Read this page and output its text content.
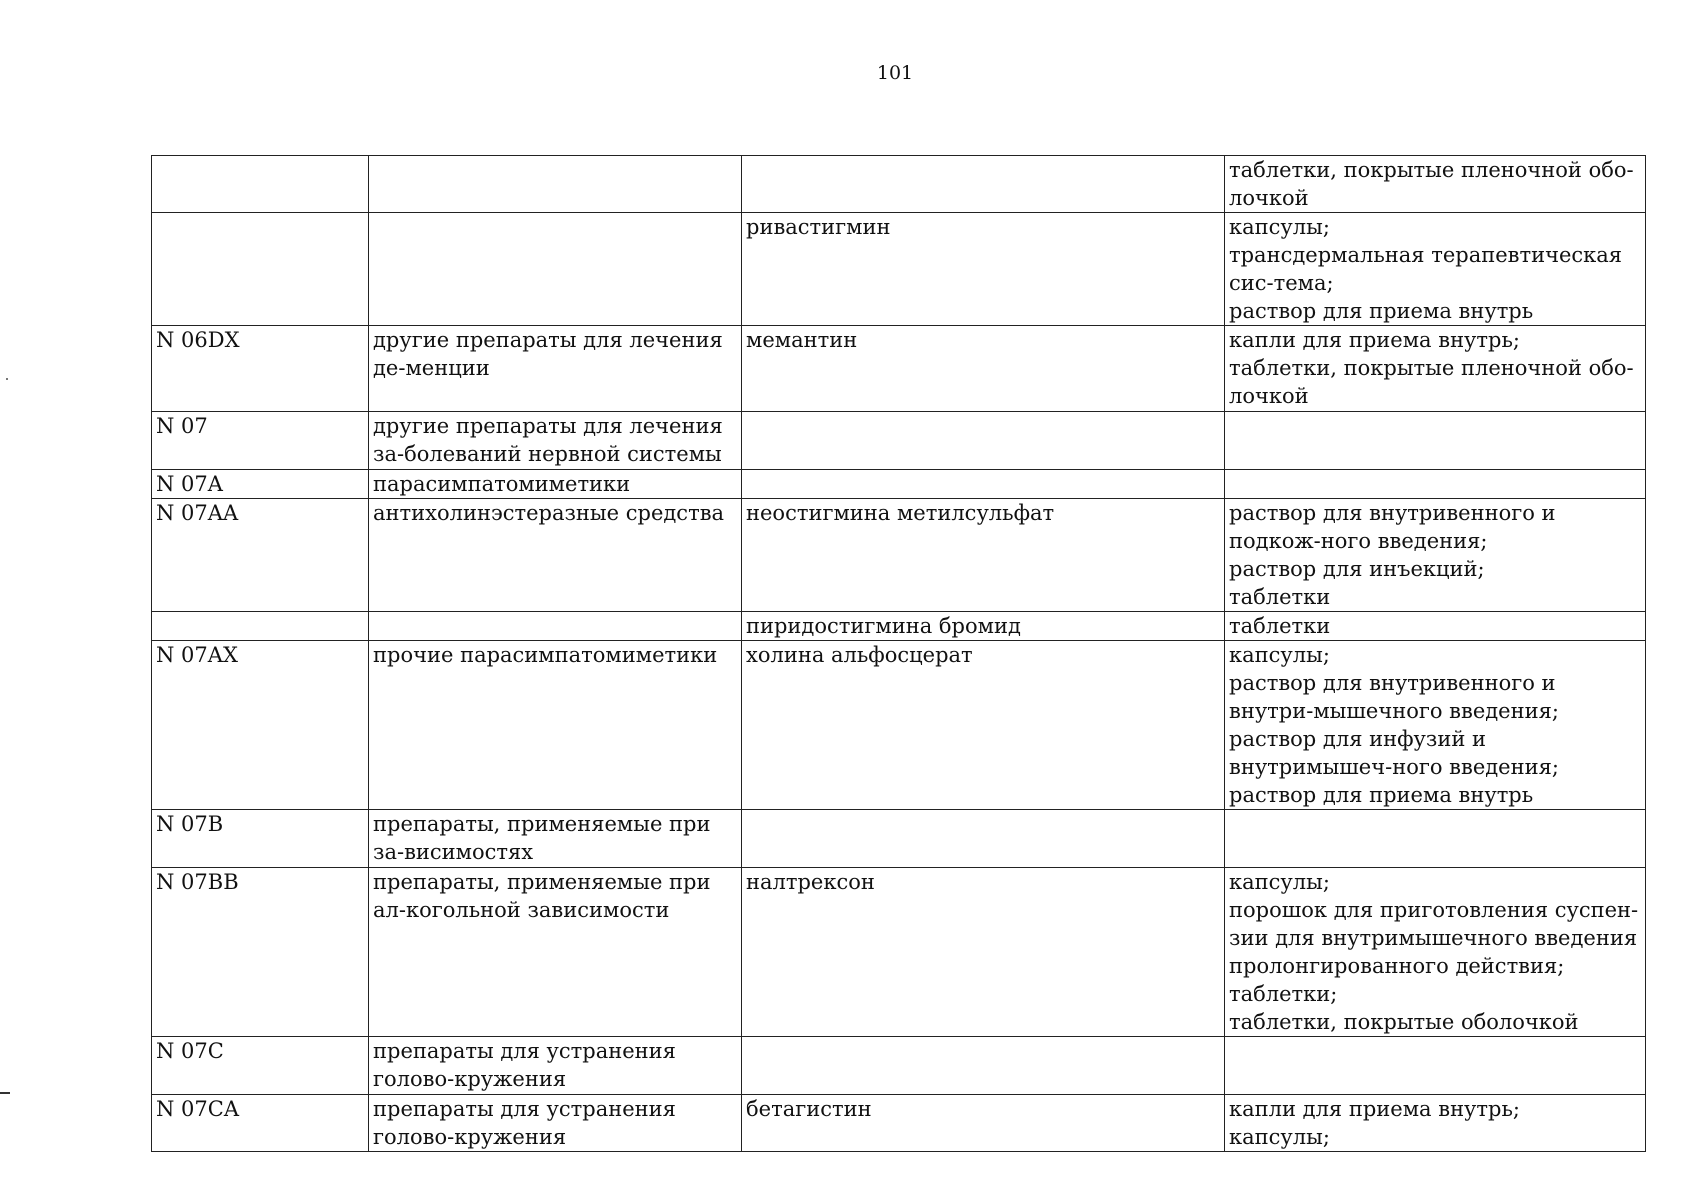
101

			таблетки, покрытые пленочной обо-лочкой

		ривастигмин	капсулы;
трансдермальная терапевтическая сис-тема;
раствор для приема внутрь

N 06DX	другие препараты для лечения де-менции	мемантин	капли для приема внутрь;
таблетки, покрытые пленочной обо-лочкой

N 07	другие препараты для лечения за-болеваний нервной системы		
N 07A	парасимпатомиметики		
N 07AA	антихолинэстеразные средства	неостигмина метилсульфат	раствор для внутривенного и подкож-ного введения;
раствор для инъекций;
таблетки

		пиридостигмина бромид	таблетки

N 07AX	прочие парасимпатомиметики	холина альфосцерат	капсулы;
раствор для внутривенного и внутри-мышечного введения;
раствор для инфузий и внутримышеч-ного введения;
раствор для приема внутрь

N 07B	препараты, применяемые при за-висимостях		
N 07BB	препараты, применяемые при ал-когольной зависимости	налтрексон	капсулы;
порошок для приготовления суспен-зии для внутримышечного введения пролонгированного действия;
таблетки;
таблетки, покрытые оболочкой

N 07C	препараты для устранения голово-кружения		
N 07CA	препараты для устранения голово-кружения	бетагистин	капли для приема внутрь;
капсулы;
